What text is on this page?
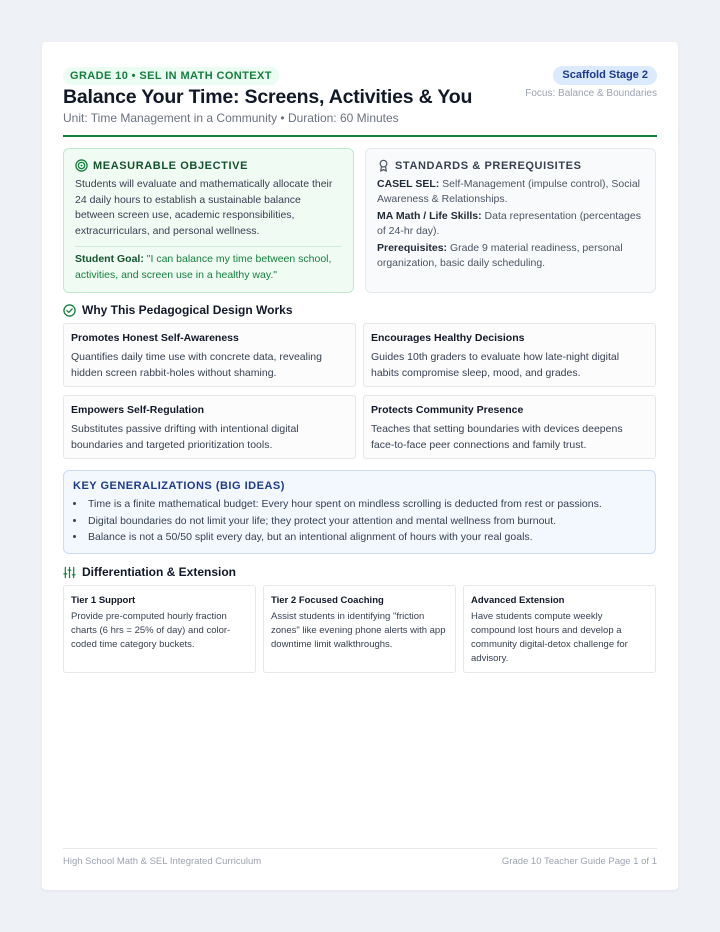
GRADE 10 • SEL IN MATH CONTEXT	Scaffold Stage 2
Focus: Balance & Boundaries
Balance Your Time: Screens, Activities & You
Unit: Time Management in a Community • Duration: 60 Minutes
MEASURABLE OBJECTIVE

Students will evaluate and mathematically allocate their 24 daily hours to establish a sustainable balance between screen use, academic responsibilities, extracurriculars, and personal wellness.

Student Goal: "I can balance my time between school, activities, and screen use in a healthy way."

STANDARDS & PREREQUISITES

CASEL SEL: Self-Management (impulse control), Social Awareness & Relationships.

MA Math / Life Skills: Data representation (percentages of 24-hr day).

Prerequisites: Grade 9 material readiness, personal organization, basic daily scheduling.

Why This Pedagogical Design Works

Promotes Honest Self-Awareness

Quantifies daily time use with concrete data, revealing hidden screen rabbit-holes without shaming.

Encourages Healthy Decisions

Guides 10th graders to evaluate how late-night digital habits compromise sleep, mood, and grades.

Empowers Self-Regulation

Substitutes passive drifting with intentional digital boundaries and targeted prioritization tools.

Protects Community Presence

Teaches that setting boundaries with devices deepens face-to-face peer connections and family trust.

KEY GENERALIZATIONS (BIG IDEAS)
• Time is a finite mathematical budget: Every hour spent on mindless scrolling is deducted from rest or passions.
• Digital boundaries do not limit your life; they protect your attention and mental wellness from burnout.
• Balance is not a 50/50 split every day, but an intentional alignment of hours with your real goals.
Differentiation & Extension

Tier 1 Support

Provide pre-computed hourly fraction charts (6 hrs = 25% of day) and color-coded time category buckets.

Tier 2 Focused Coaching

Assist students in identifying "friction zones" like evening phone alerts with app downtime limit walkthroughs.

Advanced Extension

Have students compute weekly compound lost hours and develop a community digital-detox challenge for advisory.

High School Math & SEL Integrated Curriculum	Grade 10 Teacher Guide Page 1 of 1
